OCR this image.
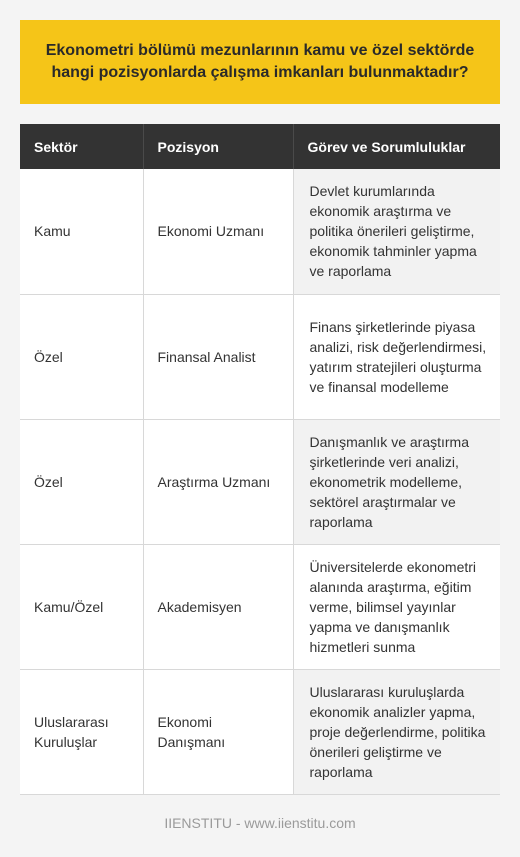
Ekonometri bölümü mezunlarının kamu ve özel sektörde hangi pozisyonlarda çalışma imkanları bulunmaktadır?
Sektör	Pozisyon	Görev ve Sorumluluklar
Kamu	Ekonomi Uzmanı	Devlet kurumlarında ekonomik araştırma ve politika önerileri geliştirme, ekonomik tahminler yapma ve raporlama
Özel	Finansal Analist	Finans şirketlerinde piyasa analizi, risk değerlendirmesi, yatırım stratejileri oluşturma ve finansal modelleme
Özel	Araştırma Uzmanı	Danışmanlık ve araştırma şirketlerinde veri analizi, ekonometrik modelleme, sektörel araştırmalar ve raporlama
Kamu/Özel	Akademisyen	Üniversitelerde ekonometri alanında araştırma, eğitim verme, bilimsel yayınlar yapma ve danışmanlık hizmetleri sunma
Uluslararası Kuruluşlar	Ekonomi Danışmanı	Uluslararası kuruluşlarda ekonomik analizler yapma, proje değerlendirme, politika önerileri geliştirme ve raporlama
IIENSTITU - www.iienstitu.com
